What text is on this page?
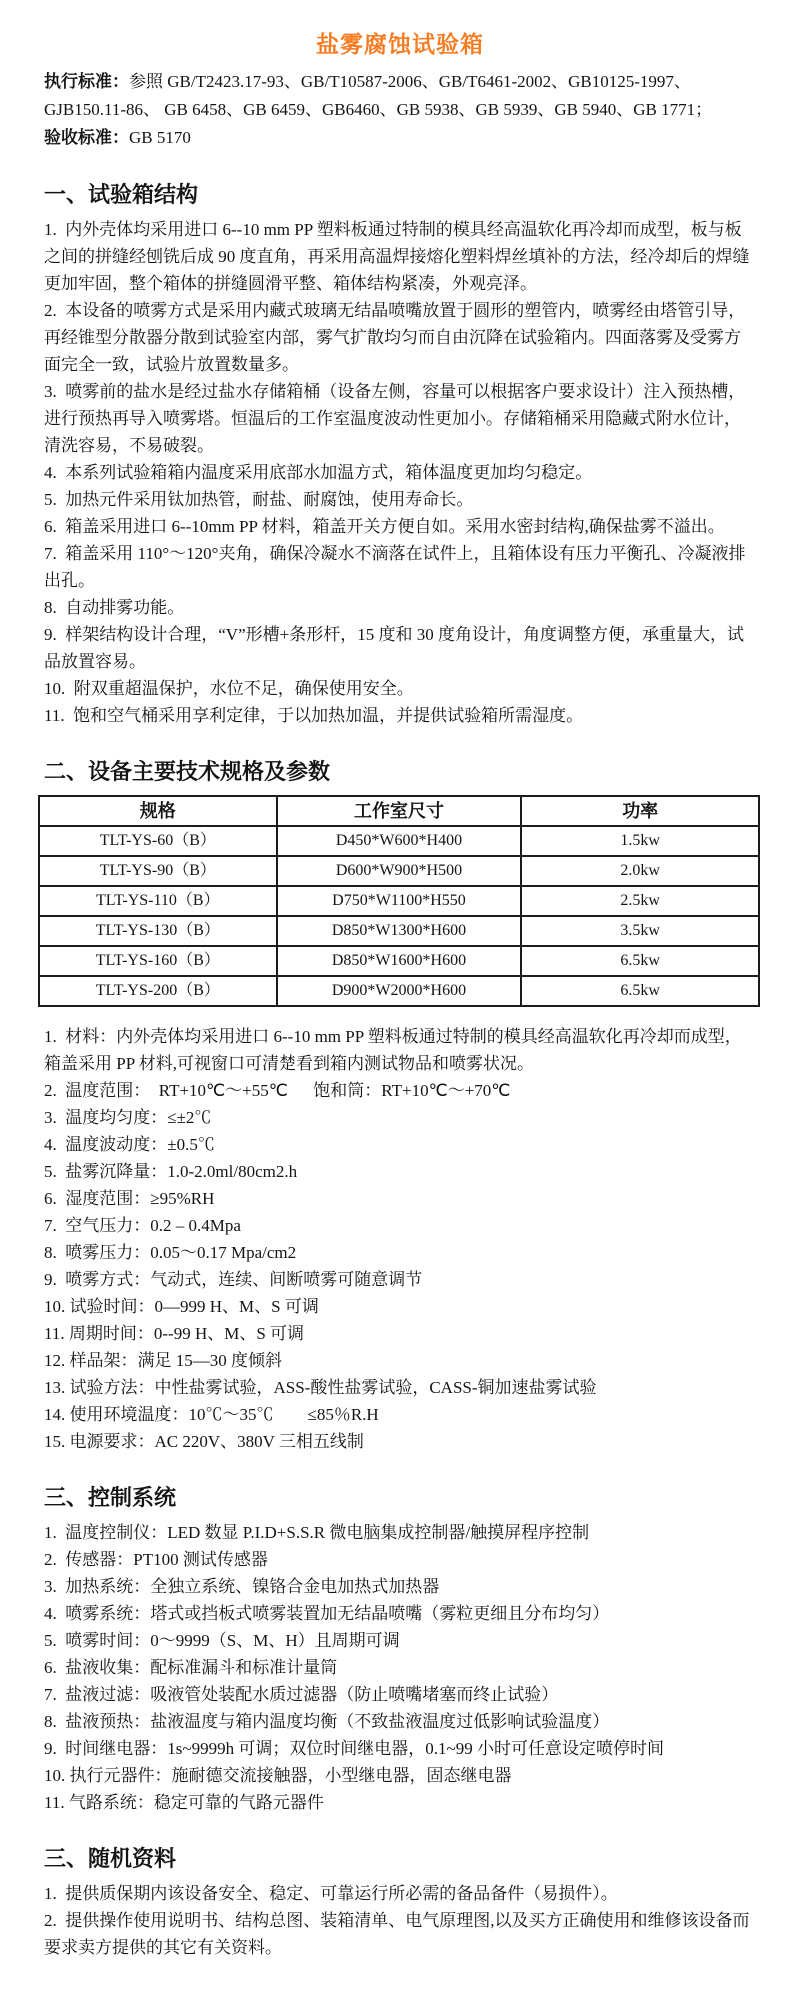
盐雾腐蚀试验箱

执行标准：参照 GB/T2423.17-93、GB/T10587-2006、GB/T6461-2002、GB10125-1997、GJB150.11-86、 GB 6458、GB 6459、GB6460、GB 5938、GB 5939、GB 5940、GB 1771；

验收标准：GB 5170

一、试验箱结构

1.  内外壳体均采用进口 6--10 mm PP 塑料板通过特制的模具经高温软化再冷却而成型，板与板之间的拼缝经刨铣后成 90 度直角，再采用高温焊接熔化塑料焊丝填补的方法，经冷却后的焊缝更加牢固，整个箱体的拼缝圆滑平整、箱体结构紧凑，外观亮泽。

2.  本设备的喷雾方式是采用内藏式玻璃无结晶喷嘴放置于圆形的塑管内，喷雾经由塔管引导，再经锥型分散器分散到试验室内部，雾气扩散均匀而自由沉降在试验箱内。四面落雾及受雾方面完全一致，试验片放置数量多。

3.  喷雾前的盐水是经过盐水存储箱桶（设备左侧，容量可以根据客户要求设计）注入预热槽，进行预热再导入喷雾塔。恒温后的工作室温度波动性更加小。存储箱桶采用隐藏式附水位计，清洗容易，不易破裂。

4.  本系列试验箱箱内温度采用底部水加温方式，箱体温度更加均匀稳定。

5.  加热元件采用钛加热管，耐盐、耐腐蚀，使用寿命长。

6.  箱盖采用进口 6--10mm PP 材料，箱盖开关方便自如。采用水密封结构,确保盐雾不溢出。

7.  箱盖采用 110°～120°夹角，确保冷凝水不滴落在试件上，且箱体设有压力平衡孔、冷凝液排出孔。

8.  自动排雾功能。

9.  样架结构设计合理，“V”形槽+条形杆，15 度和 30 度角设计，角度调整方便，承重量大，试品放置容易。

10.  附双重超温保护，水位不足，确保使用安全。

11.  饱和空气桶采用享利定律，于以加热加温，并提供试验箱所需湿度。

二、设备主要技术规格及参数
规格	工作室尺寸	功率
TLT-YS-60（B）	D450*W600*H400	1.5kw
TLT-YS-90（B）	D600*W900*H500	2.0kw
TLT-YS-110（B）	D750*W1100*H550	2.5kw
TLT-YS-130（B）	D850*W1300*H600	3.5kw
TLT-YS-160（B）	D850*W1600*H600	6.5kw
TLT-YS-200（B）	D900*W2000*H600	6.5kw

1.  材料：内外壳体均采用进口 6--10 mm PP 塑料板通过特制的模具经高温软化再冷却而成型，箱盖采用 PP 材料,可视窗口可清楚看到箱内测试物品和喷雾状况。

2.  温度范围：  RT+10℃～+55℃      饱和筒：RT+10℃～+70℃

3.  温度均匀度：≤±2℃

4.  温度波动度：±0.5℃

5.  盐雾沉降量：1.0-2.0ml/80cm2.h

6.  湿度范围：≥95%RH

7.  空气压力：0.2 – 0.4Mpa

8.  喷雾压力：0.05～0.17 Mpa/cm2

9.  喷雾方式：气动式，连续、间断喷雾可随意调节

10. 试验时间：0—999 H、M、S 可调

11. 周期时间：0--99 H、M、S 可调

12. 样品架：满足 15—30 度倾斜

13. 试验方法：中性盐雾试验，ASS-酸性盐雾试验，CASS-铜加速盐雾试验

14. 使用环境温度：10℃～35℃        ≤85％R.H

15. 电源要求：AC 220V、380V 三相五线制

三、控制系统

1.  温度控制仪：LED 数显 P.I.D+S.S.R 微电脑集成控制器/触摸屏程序控制

2.  传感器：PT100 测试传感器

3.  加热系统：全独立系统、镍铬合金电加热式加热器

4.  喷雾系统：塔式或挡板式喷雾装置加无结晶喷嘴（雾粒更细且分布均匀）

5.  喷雾时间：0～9999（S、M、H）且周期可调

6.  盐液收集：配标准漏斗和标准计量筒

7.  盐液过滤：吸液管处装配水质过滤器（防止喷嘴堵塞而终止试验）

8.  盐液预热：盐液温度与箱内温度均衡（不致盐液温度过低影响试验温度）

9.  时间继电器：1s~9999h 可调；双位时间继电器，0.1~99 小时可任意设定喷停时间

10. 执行元器件：施耐德交流接触器，小型继电器，固态继电器

11. 气路系统：稳定可靠的气路元器件

三、随机资料

1.  提供质保期内该设备安全、稳定、可靠运行所必需的备品备件（易损件）。

2.  提供操作使用说明书、结构总图、装箱清单、电气原理图,以及买方正确使用和维修该设备而要求卖方提供的其它有关资料。
